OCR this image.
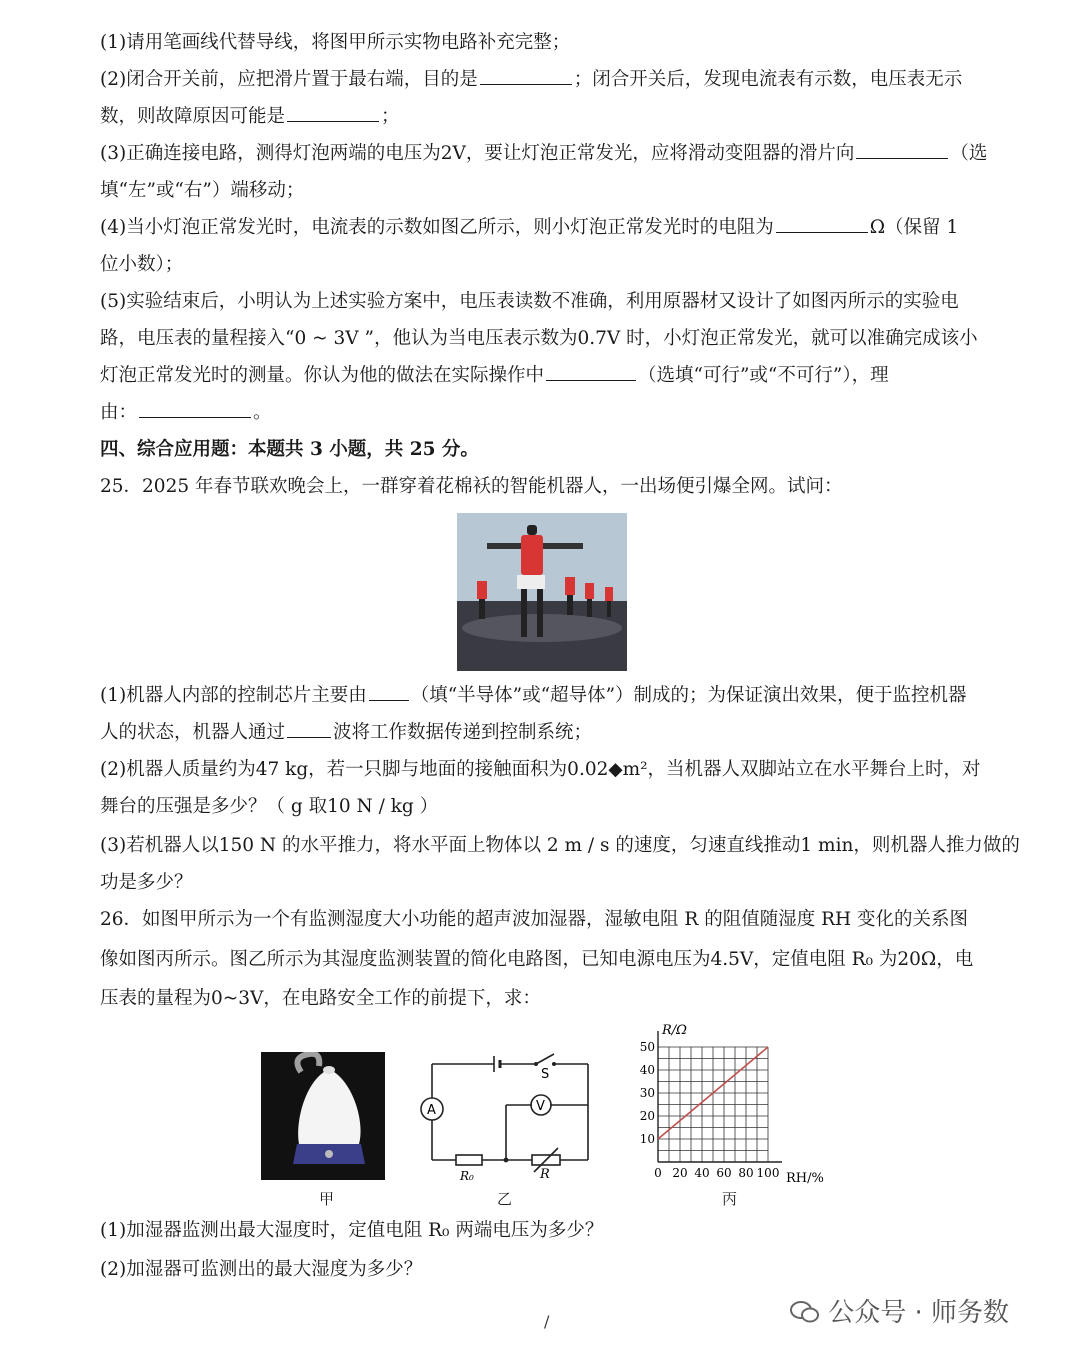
(1)请用笔画线代替导线，将图甲所示实物电路补充完整；
(2)闭合开关前，应把滑片置于最右端，目的是	；闭合开关后，发现电流表有示数，电压表无示
数，则故障原因可能是	；
(3)正确连接电路，测得灯泡两端的电压为2V，要让灯泡正常发光，应将滑动变阻器的滑片向	（选
填“左”或“右”）端移动；
(4)当小灯泡正常发光时，电流表的示数如图乙所示，则小灯泡正常发光时的电阻为	Ω（保留 1
位小数）；
(5)实验结束后，小明认为上述实验方案中，电压表读数不准确，利用原器材又设计了如图丙所示的实验电
路，电压表的量程接入“0 ~ 3V ”，他认为当电压表示数为0.7V 时，小灯泡正常发光，就可以准确完成该小
灯泡正常发光时的测量。你认为他的做法在实际操作中	（选填“可行”或“不可行”），理
由：	。
四、综合应用题：本题共 3 小题，共 25 分。
25．2025 年春节联欢晚会上，一群穿着花棉袄的智能机器人，一出场便引爆全网。试问：
(1)机器人内部的控制芯片主要由 （填“半导体”或“超导体”）制成的；为保证演出效果，便于监控机器
人的状态，机器人通过	波将工作数据传递到控制系统；
(2)机器人质量约为47 kg，若一只脚与地面的接触面积为0.02◆m²，当机器人双脚站立在水平舞台上时，对
舞台的压强是多少？（ g 取10 N / kg ）
(3)若机器人以150 N 的水平推力，将水平面上物体以 2 m / s 的速度，匀速直线推动1 min，则机器人推力做的
功是多少？
26．如图甲所示为一个有监测湿度大小功能的超声波加湿器，湿敏电阻 R 的阻值随湿度 RH 变化的关系图
像如图丙所示。图乙所示为其湿度监测装置的简化电路图，已知电源电压为4.5V，定值电阻 R₀ 为20Ω，电
压表的量程为0~3V，在电路安全工作的前提下，求：
甲
A	V
S
R₀	R
乙
0 20 40 60 80 100
10
20
30
40
50
R/Ω
RH/%
丙
(1)加湿器监测出最大湿度时，定值电阻 R₀ 两端电压为多少？
(2)加湿器可监测出的最大湿度为多少？
/	公众号 · 师务数
